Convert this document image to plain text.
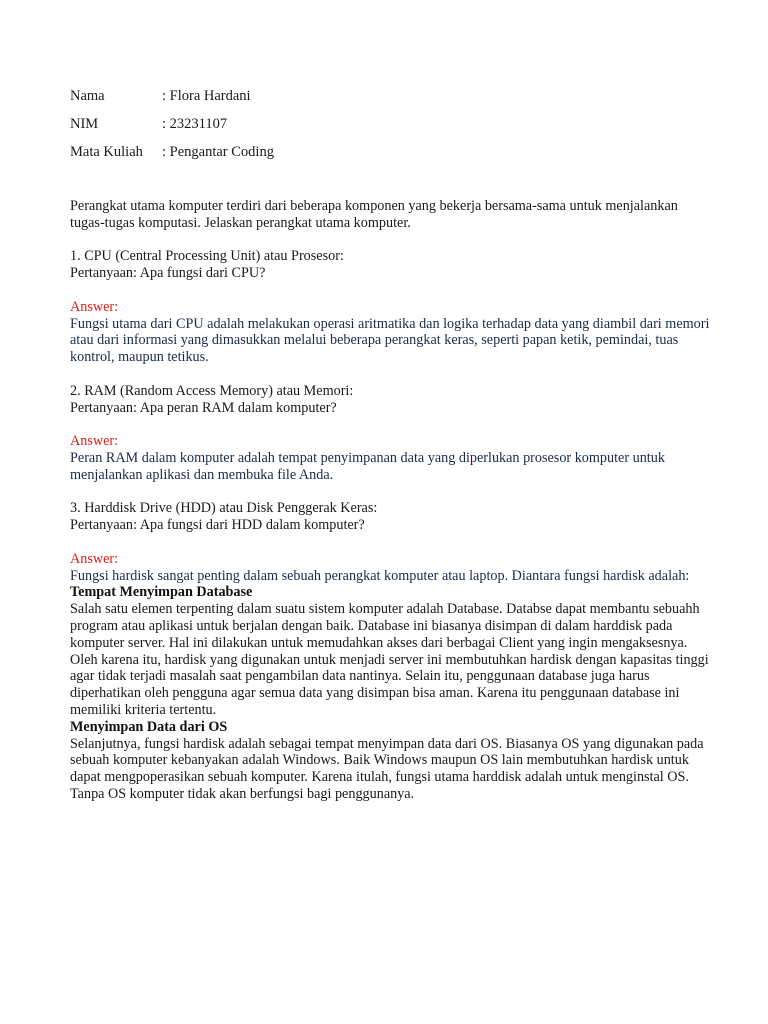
Nama	: Flora Hardani
NIM	: 23231107
Mata Kuliah	: Pengantar Coding

Perangkat utama komputer terdiri dari beberapa komponen yang bekerja bersama-sama untuk menjalankan tugas-tugas komputasi. Jelaskan perangkat utama komputer.

1. CPU (Central Processing Unit) atau Prosesor:

Pertanyaan: Apa fungsi dari CPU?

Answer:

Fungsi utama dari CPU adalah melakukan operasi aritmatika dan logika terhadap data yang diambil dari memori atau dari informasi yang dimasukkan melalui beberapa perangkat keras, seperti papan ketik, pemindai, tuas kontrol, maupun tetikus.

2. RAM (Random Access Memory) atau Memori:

Pertanyaan: Apa peran RAM dalam komputer?

Answer:

Peran RAM dalam komputer adalah tempat penyimpanan data yang diperlukan prosesor komputer untuk menjalankan aplikasi dan membuka file Anda.

3. Harddisk Drive (HDD) atau Disk Penggerak Keras:

Pertanyaan: Apa fungsi dari HDD dalam komputer?

Answer:

Fungsi hardisk sangat penting dalam sebuah perangkat komputer atau laptop. Diantara fungsi hardisk adalah:

Tempat Menyimpan Database

Salah satu elemen terpenting dalam suatu sistem komputer adalah Database. Databse dapat membantu sebuahh program atau aplikasi untuk berjalan dengan baik. Database ini biasanya disimpan di dalam harddisk pada komputer server. Hal ini dilakukan untuk memudahkan akses dari berbagai Client yang ingin mengaksesnya. Oleh karena itu, hardisk yang digunakan untuk menjadi server ini membutuhkan hardisk dengan kapasitas tinggi agar tidak terjadi masalah saat pengambilan data nantinya. Selain itu, penggunaan database juga harus diperhatikan oleh pengguna agar semua data yang disimpan bisa aman. Karena itu penggunaan database ini memiliki kriteria tertentu.

Menyimpan Data dari OS

Selanjutnya, fungsi hardisk adalah sebagai tempat menyimpan data dari OS. Biasanya OS yang digunakan pada sebuah komputer kebanyakan adalah Windows. Baik Windows maupun OS lain membutuhkan hardisk untuk dapat mengpoperasikan sebuah komputer. Karena itulah, fungsi utama harddisk adalah untuk menginstal OS. Tanpa OS komputer tidak akan berfungsi bagi penggunanya.
